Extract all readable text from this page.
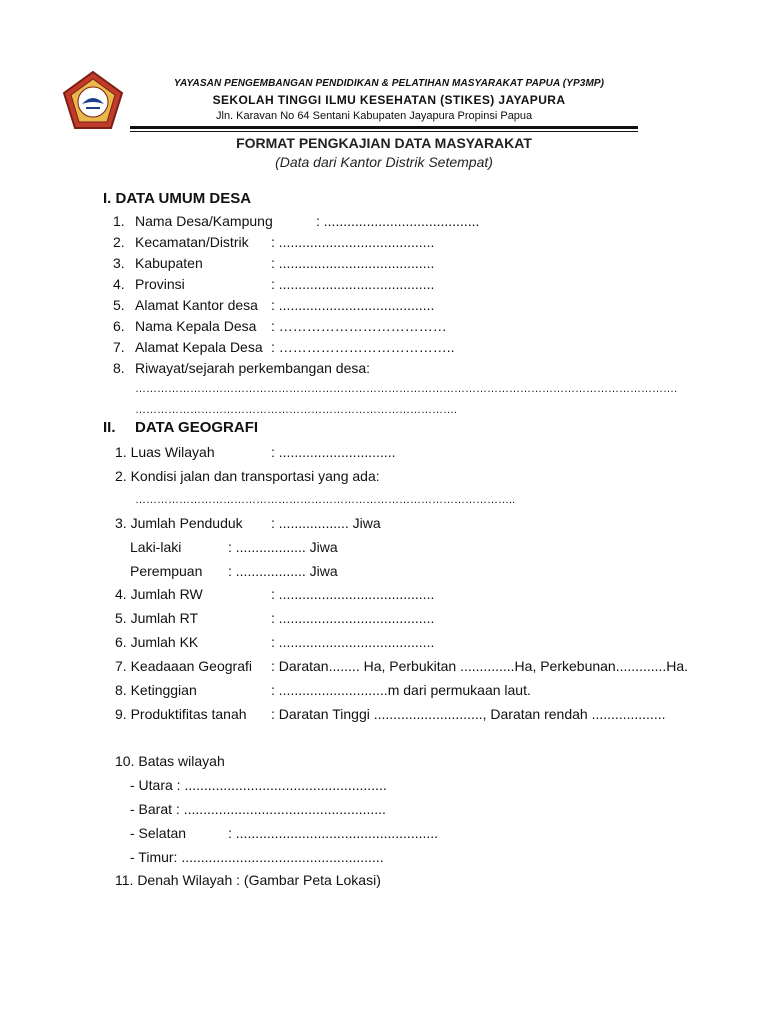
YAYASAN PENGEMBANGAN PENDIDIKAN & PELATIHAN MASYARAKAT PAPUA (YP3MP)
SEKOLAH TINGGI ILMU KESEHATAN (STIKES) JAYAPURA
Jln. Karavan No 64 Sentani Kabupaten Jayapura Propinsi Papua
FORMAT PENGKAJIAN DATA MASYARAKAT
(Data dari Kantor Distrik Setempat)
I. DATA UMUM DESA
1. Nama Desa/Kampung	: ........................................
2. Kecamatan/Distrik : ........................................
3. Kabupaten	: ........................................
4. Provinsi	: ........................................
5. Alamat Kantor desa : ........................................
6. Nama Kepala Desa : ………………………………
7. Alamat Kepala Desa : ………………………………..
8. Riwayat/sejarah perkembangan desa:
………………………………………………………………………………………………………………………………….
…………………………………………………………………………….
II. DATA GEOGRAFI
1. Luas Wilayah	: ..............................
2. Kondisi jalan dan transportasi yang ada:
…………………………………………………………………………………………..
3. Jumlah Penduduk : .................. Jiwa
Laki-laki	: .................. Jiwa
Perempuan : .................. Jiwa
4. Jumlah RW	: ........................................
5. Jumlah RT	: ........................................
6. Jumlah KK	: ........................................
7. Keadaaan Geografi : Daratan........ Ha, Perbukitan ..............Ha, Perkebunan.............Ha.
8. Ketinggian	: ............................m dari permukaan laut.
9. Produktifitas tanah : Daratan Tinggi ............................, Daratan rendah ...................
10. Batas wilayah
- Utara : ....................................................
- Barat : ....................................................
- Selatan	: ....................................................
- Timur: ....................................................
11. Denah Wilayah : (Gambar Peta Lokasi)
